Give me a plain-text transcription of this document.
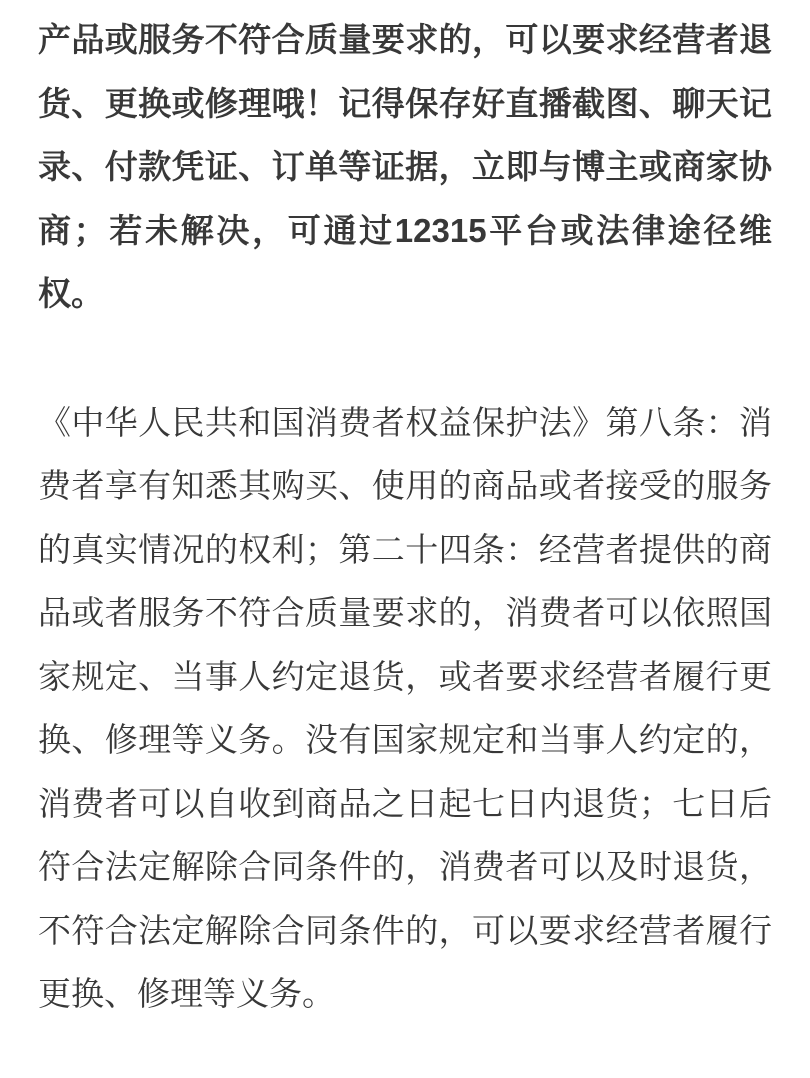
产品或服务不符合质量要求的，可以要求经营者退
货、更换或修理哦！记得保存好直播截图、聊天记
录、付款凭证、订单等证据，立即与博主或商家协
商；若未解决，可通过12315平台或法律途径维
权。
《中华人民共和国消费者权益保护法》第八条：消
费者享有知悉其购买、使用的商品或者接受的服务
的真实情况的权利；第二十四条：经营者提供的商
品或者服务不符合质量要求的，消费者可以依照国
家规定、当事人约定退货，或者要求经营者履行更
换、修理等义务。没有国家规定和当事人约定的，
消费者可以自收到商品之日起七日内退货；七日后
符合法定解除合同条件的，消费者可以及时退货，
不符合法定解除合同条件的，可以要求经营者履行
更换、修理等义务。
